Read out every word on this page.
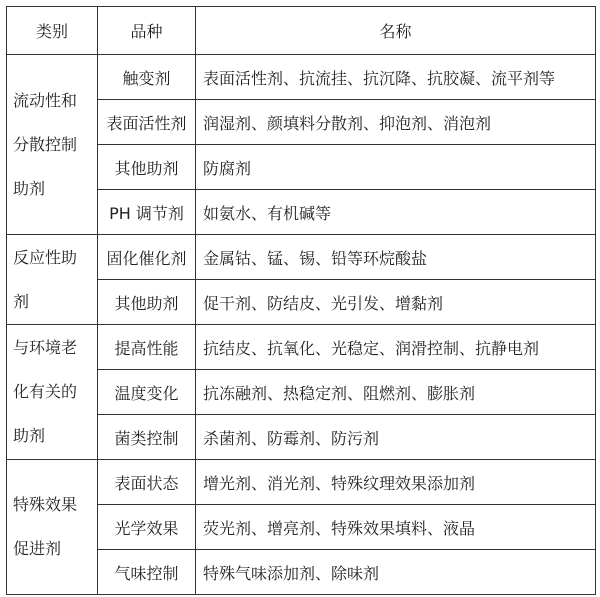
类别	品种	名称
流动性和分散控制助剂	触变剂	表面活性剂、抗流挂、抗沉降、抗胶凝、流平剂等
	表面活性剂	润湿剂、颜填料分散剂、抑泡剂、消泡剂
	其他助剂	防腐剂
	PH 调节剂	如氨水、有机碱等
反应性助剂	固化催化剂	金属钴、锰、锡、铅等环烷酸盐
	其他助剂	促干剂、防结皮、光引发、增黏剂
与环境老化有关的助剂	提高性能	抗结皮、抗氧化、光稳定、润滑控制、抗静电剂
	温度变化	抗冻融剂、热稳定剂、阻燃剂、膨胀剂
	菌类控制	杀菌剂、防霉剂、防污剂
特殊效果促进剂	表面状态	增光剂、消光剂、特殊纹理效果添加剂
	光学效果	荧光剂、增亮剂、特殊效果填料、液晶
	气味控制	特殊气味添加剂、除味剂
